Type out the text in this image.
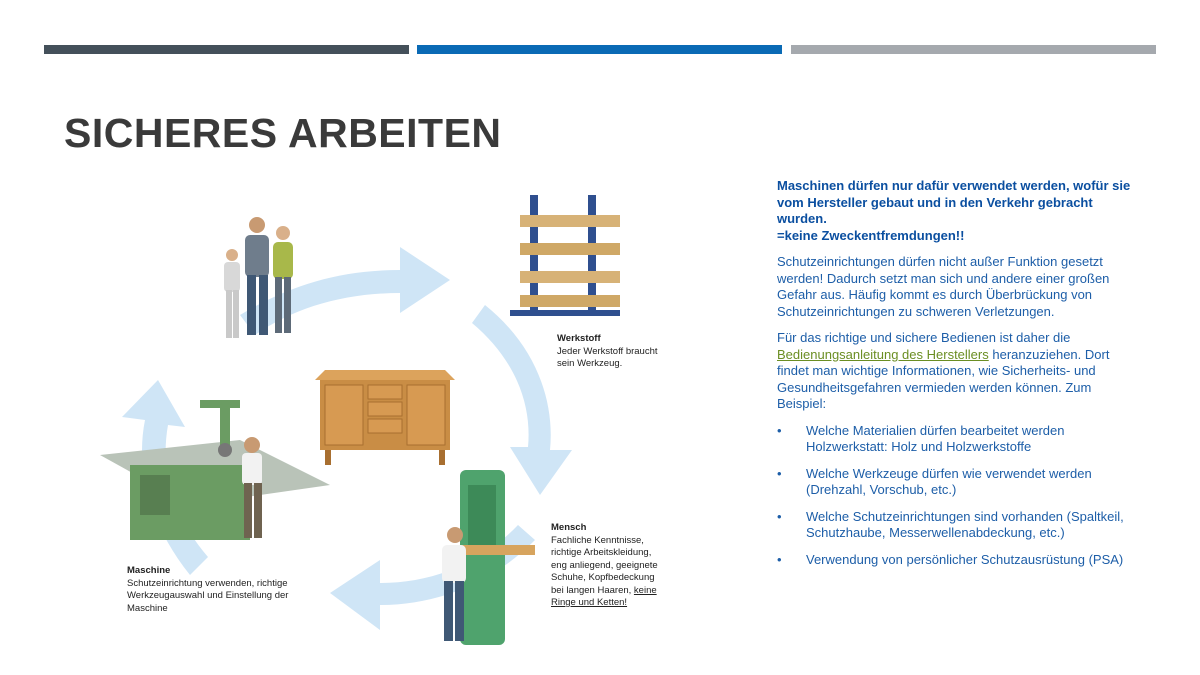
SICHERES ARBEITEN
Werkstoff
Jeder Werkstoff braucht
sein Werkzeug.
Mensch
Fachliche Kenntnisse,
richtige Arbeitskleidung,
eng anliegend, geeignete
Schuhe, Kopfbedeckung
bei langen Haaren, keine
Ringe und Ketten!
Maschine
Schutzeinrichtung verwenden, richtige
Werkzeugauswahl und Einstellung der
Maschine

Maschinen dürfen nur dafür verwendet werden, wofür sie vom Hersteller gebaut und in den Verkehr gebracht wurden.
=keine Zweckentfremdungen!!

Schutzeinrichtungen dürfen nicht außer Funktion gesetzt werden! Dadurch setzt man sich und andere einer großen Gefahr aus. Häufig kommt es durch Überbrückung von Schutzeinrichtungen zu schweren Verletzungen.

Für das richtige und sichere Bedienen ist daher die Bedienungsanleitung des Herstellers heranzuziehen. Dort findet man wichtige Informationen, wie Sicherheits- und Gesundheitsgefahren vermieden werden können. Zum Beispiel:

• Welche Materialien dürfen bearbeitet werden Holzwerkstatt: Holz und Holzwerkstoffe
• Welche Werkzeuge dürfen wie verwendet werden (Drehzahl, Vorschub, etc.)
• Welche Schutzeinrichtungen sind vorhanden (Spaltkeil, Schutzhaube, Messerwellenabdeckung, etc.)
• Verwendung von persönlicher Schutzausrüstung (PSA)
